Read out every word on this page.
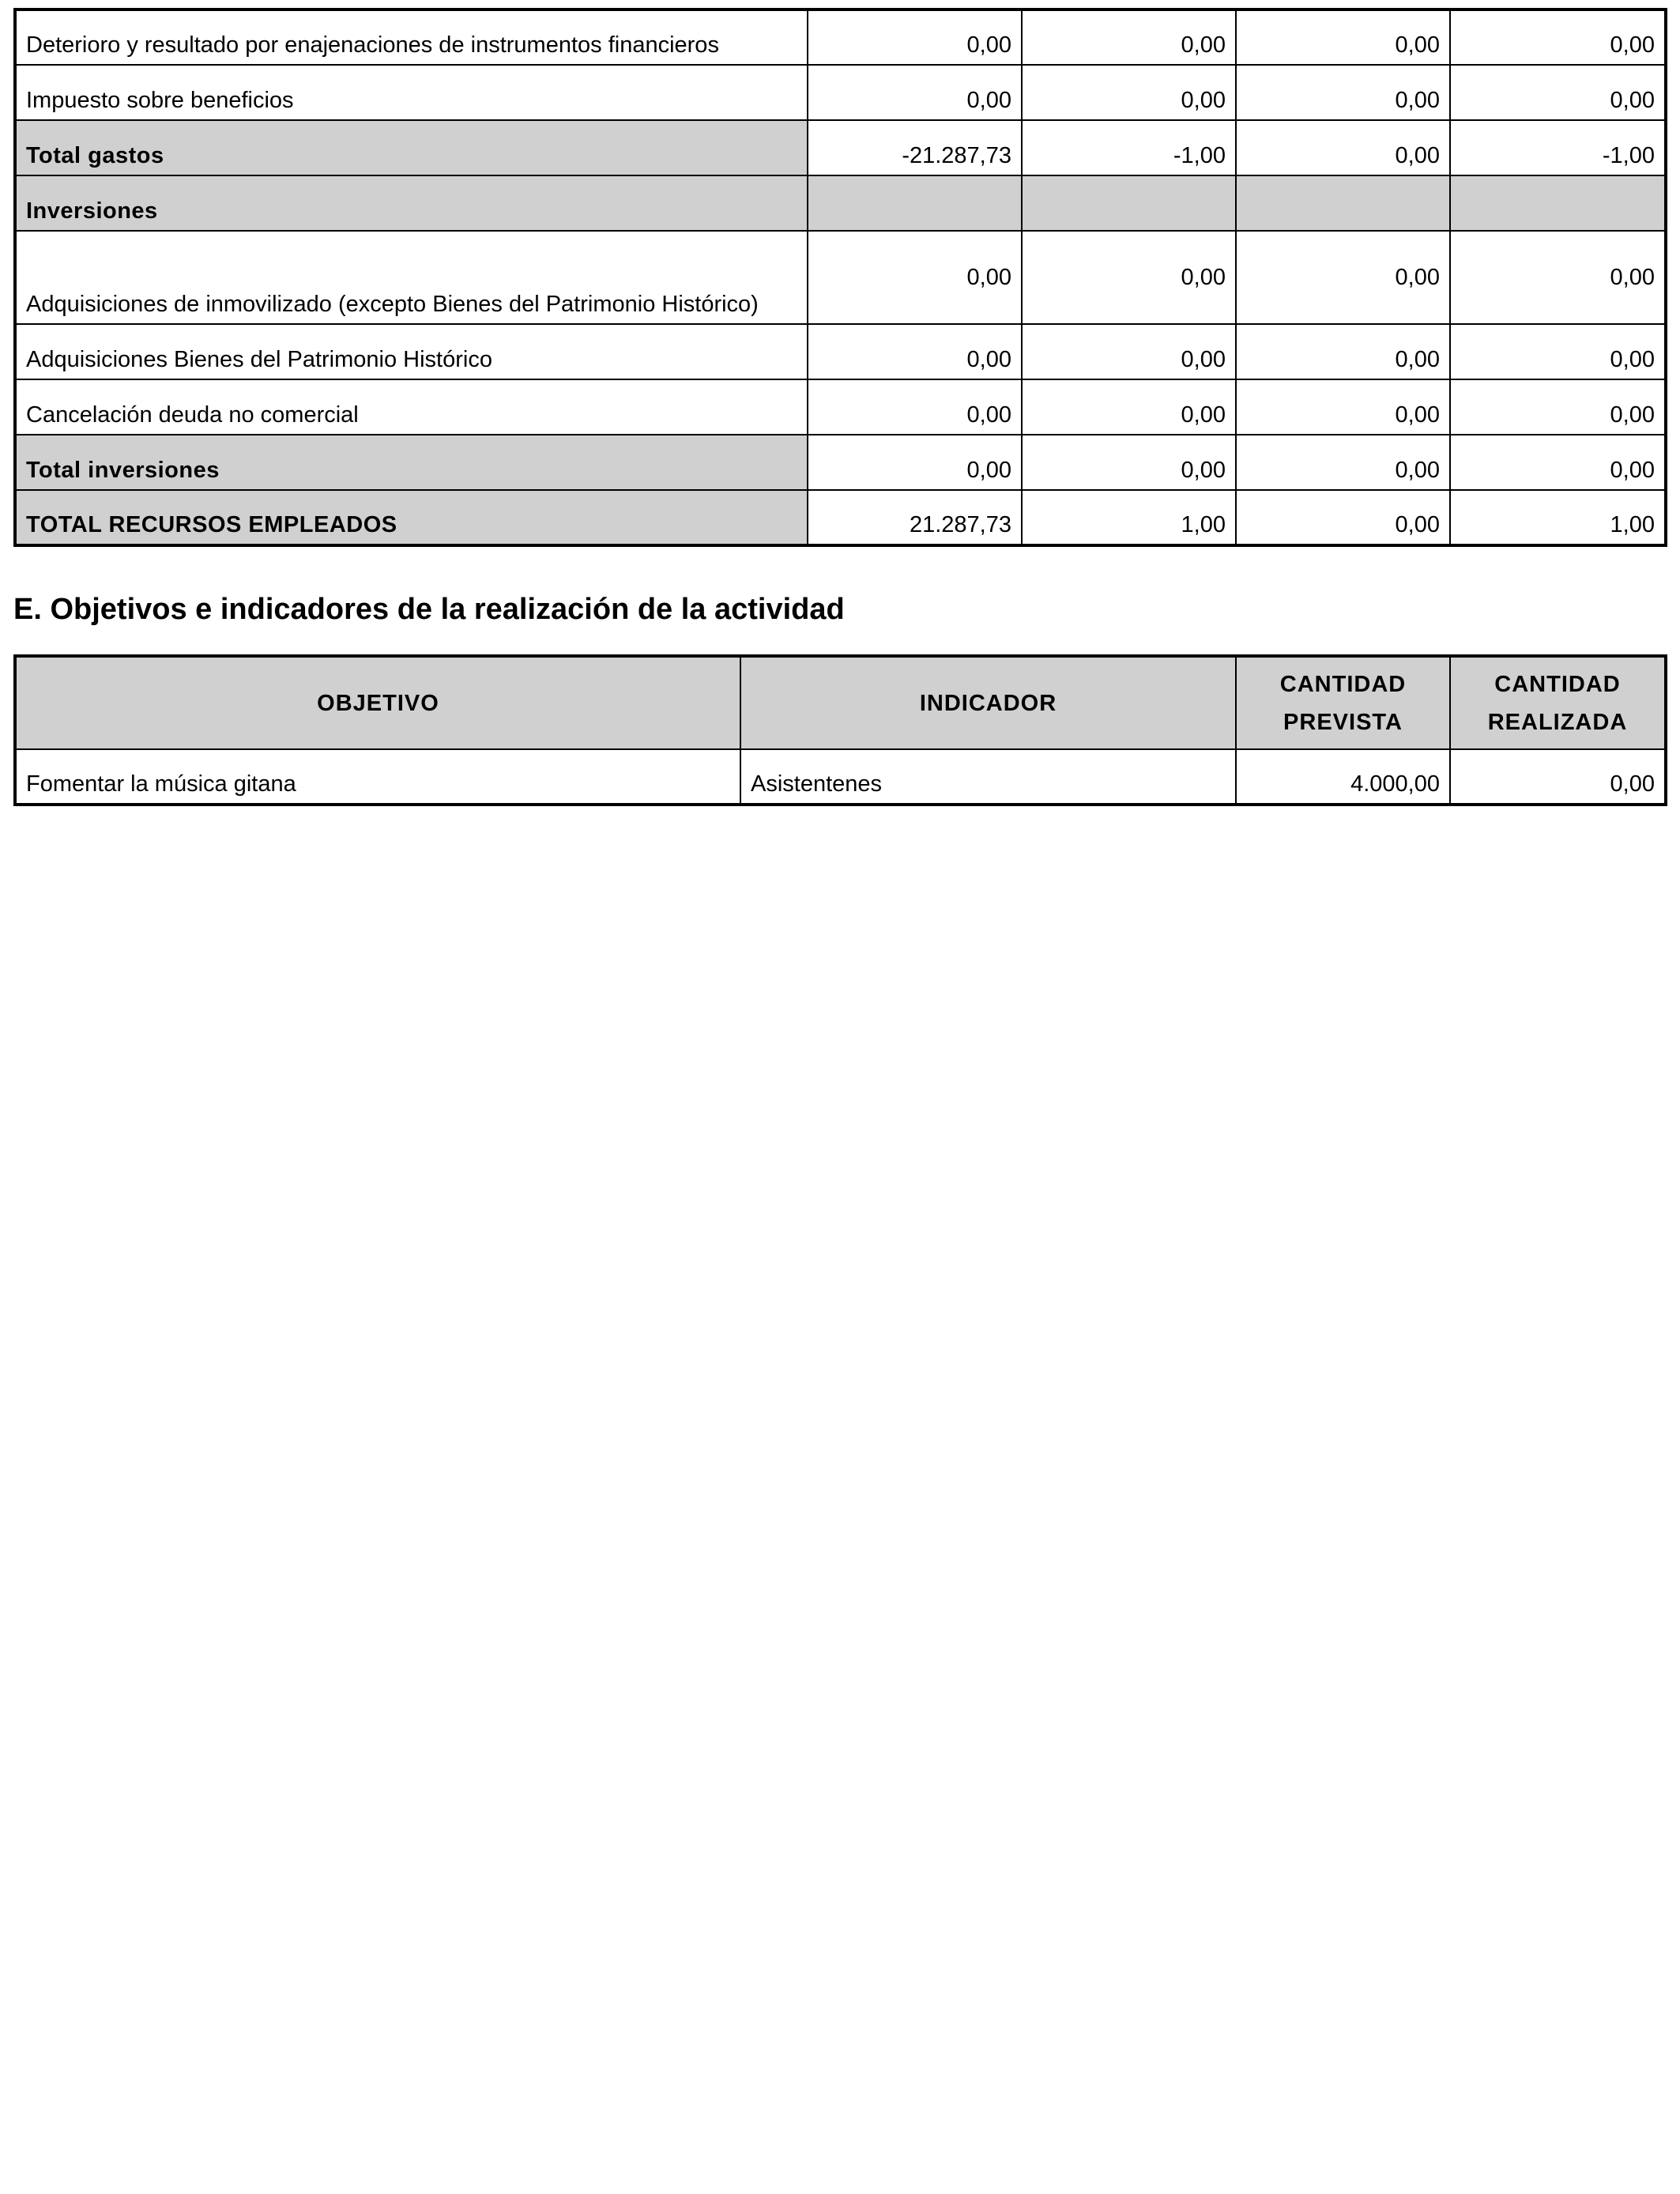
Deterioro y resultado por enajenaciones de instrumentos financieros	0,00	0,00	0,00	0,00
Impuesto sobre beneficios	0,00	0,00	0,00	0,00
Total gastos	-21.287,73	-1,00	0,00	-1,00
Inversiones				
Adquisiciones de inmovilizado (excepto Bienes del Patrimonio Histórico)	0,00	0,00	0,00	0,00
Adquisiciones Bienes del Patrimonio Histórico	0,00	0,00	0,00	0,00
Cancelación deuda no comercial	0,00	0,00	0,00	0,00
Total inversiones	0,00	0,00	0,00	0,00
TOTAL RECURSOS EMPLEADOS	21.287,73	1,00	0,00	1,00
E. Objetivos e indicadores de la realización de la actividad
OBJETIVO	INDICADOR	CANTIDAD PREVISTA	CANTIDAD REALIZADA
Fomentar la música gitana	Asistentenes	4.000,00	0,00
